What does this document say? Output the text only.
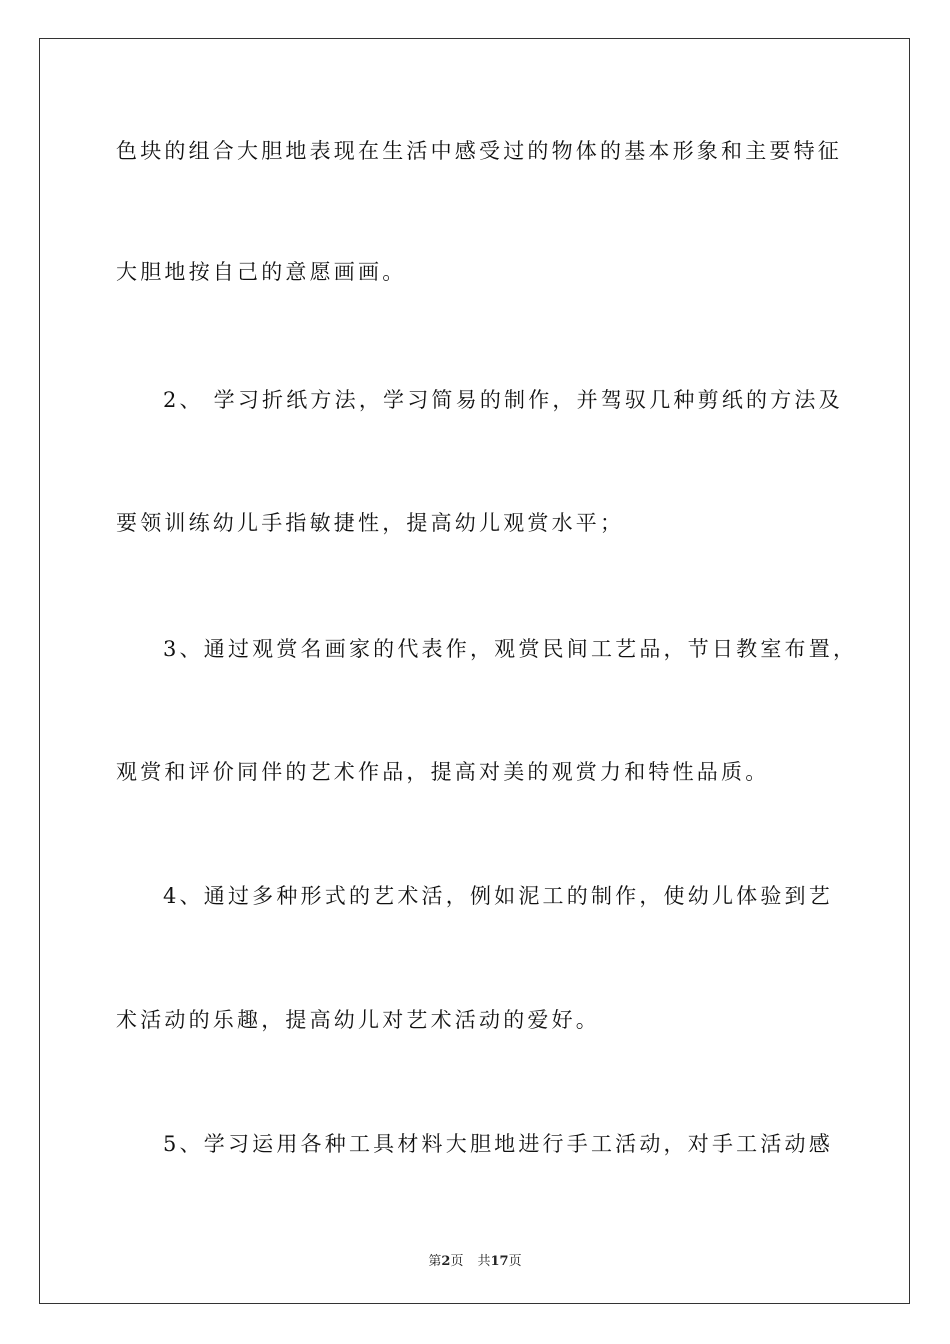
色块的组合大胆地表现在生活中感受过的物体的基本形象和主要特征
大胆地按自己的意愿画画。
2、 学习折纸方法，学习简易的制作，并驾驭几种剪纸的方法及
要领训练幼儿手指敏捷性，提高幼儿观赏水平；
3、通过观赏名画家的代表作，观赏民间工艺品，节日教室布置，
观赏和评价同伴的艺术作品，提高对美的观赏力和特性品质。
4、通过多种形式的艺术活，例如泥工的制作，使幼儿体验到艺
术活动的乐趣，提高幼儿对艺术活动的爱好。
5、学习运用各种工具材料大胆地进行手工活动，对手工活动感
第2页 共17页
